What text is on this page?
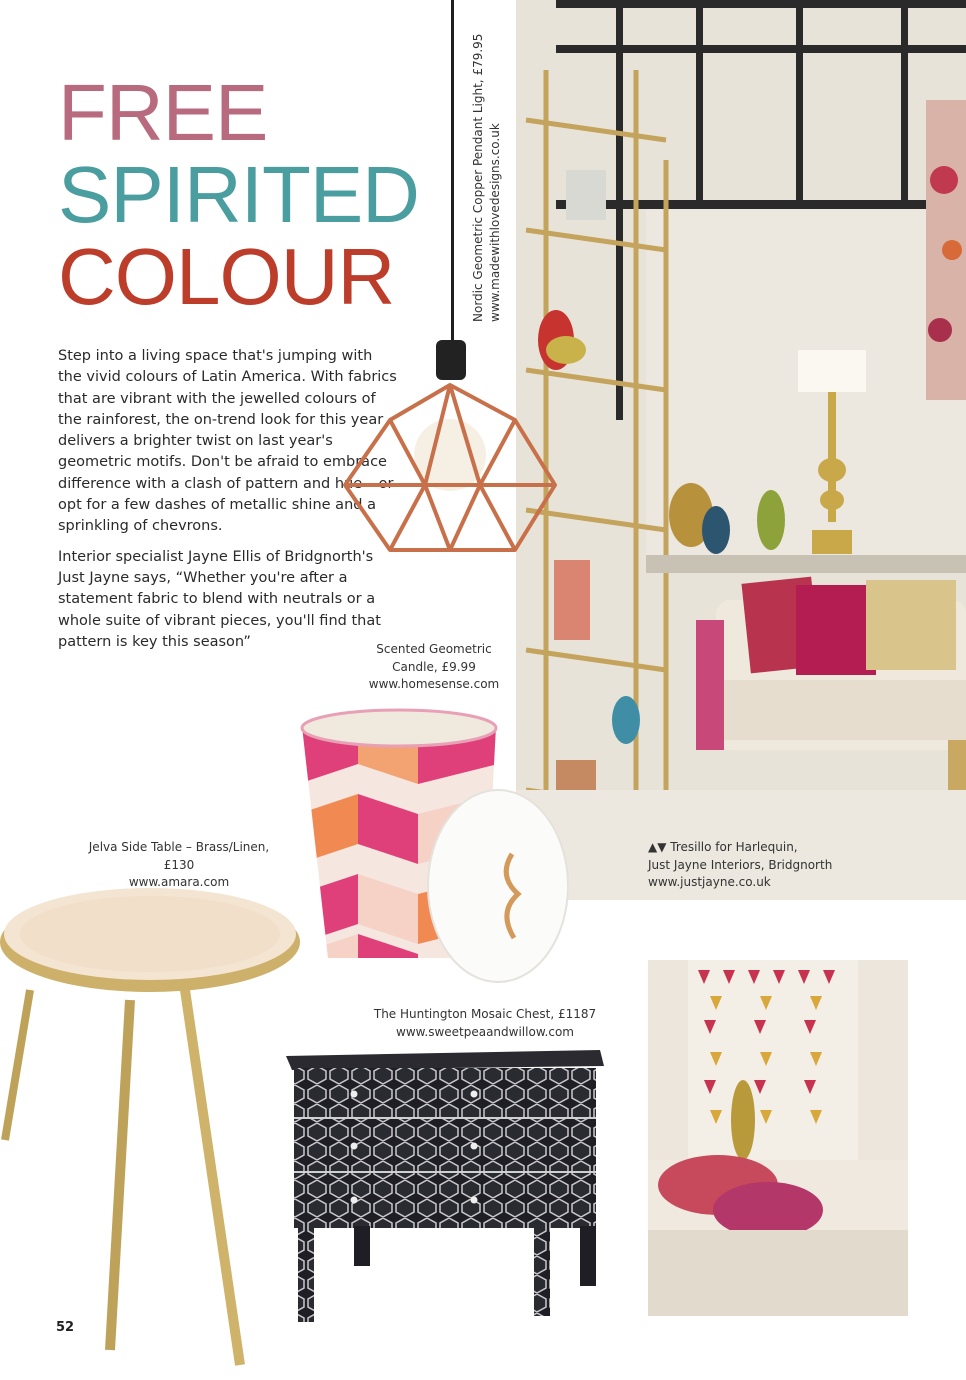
FREE
SPIRITED
COLOUR

Step into a living space that's jumping with the vivid colours of Latin America. With fabrics that are vibrant with the jewelled colours of the rainforest, the on-trend look for this year delivers a brighter twist on last year's geometric motifs. Don't be afraid to embrace difference with a clash of pattern and hue – or opt for a few dashes of metallic shine and a sprinkling of chevrons.

Interior specialist Jayne Ellis of Bridgnorth's Just Jayne says, “Whether you're after a statement fabric to blend with neutrals or a whole suite of vibrant pieces, you'll find that pattern is key this season”

Nordic Geometric Copper Pendant Light, £79.95 www.madewithlovedesigns.co.uk
Scented Geometric
Candle, £9.99
www.homesense.com
Jelva Side Table – Brass/Linen, £130
www.amara.com
The Huntington Mosaic Chest, £1187
www.sweetpeaandwillow.com
▲▼ Tresillo for Harlequin,
Just Jayne Interiors, Bridgnorth
www.justjayne.co.uk
52
